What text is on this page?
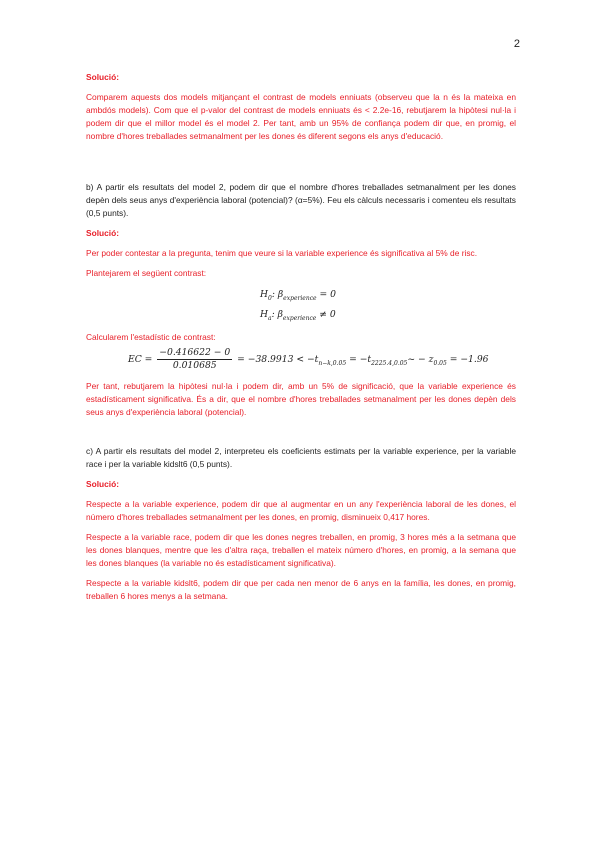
2

Solució:

Comparem aquests dos models mitjançant el contrast de models enniuats (observeu que la n és la mateixa en ambdós models). Com que el p-valor del contrast de models enniuats és < 2.2e-16, rebutjarem la hipòtesi nul·la i podem dir que el millor model és el model 2. Per tant, amb un 95% de confiança podem dir que, en promig, el nombre d'hores treballades setmanalment per les dones és diferent segons els anys d'educació.

b) A partir els resultats del model 2, podem dir que el nombre d'hores treballades setmanalment per les dones depèn dels seus anys d'experiència laboral (potencial)? (α=5%). Feu els càlculs necessaris i comenteu els resultats (0,5 punts).

Solució:

Per poder contestar a la pregunta, tenim que veure si la variable experience és significativa al 5% de risc.

Plantejarem el següent contrast:

$H_0$: $\beta_{experience} = 0$
$H_a$: $\beta_{experience} \ne 0$

Calcularem l'estadístic de contrast:

EC = $\frac{-0.416622 - 0}{0.010685} = -38.9913 < -t_{n-k,0.05}$ = $-t_{2225.4,0.05}\sim - z_{0.05} = -1.96$

Per tant, rebutjarem la hipòtesi nul·la i podem dir, amb un 5% de significació, que la variable experience és estadísticament significativa. És a dir, que el nombre d'hores treballades setmanalment per les dones depèn dels seus anys d'experiència laboral (potencial).

c) A partir els resultats del model 2, interpreteu els coeficients estimats per la variable experience, per la variable race i per la variable kidslt6 (0,5 punts).

Solució:

Respecte a la variable experience, podem dir que al augmentar en un any l'experiència laboral de les dones, el número d'hores treballades setmanalment per les dones, en promig, disminueix 0,417 hores.

Respecte a la variable race, podem dir que les dones negres treballen, en promig, 3 hores més a la setmana que les dones blanques, mentre que les d'altra raça, treballen el mateix número d'hores, en promig, a la semana que les dones blanques (la variable no és estadísticament significativa).

Respecte a la variable kidslt6, podem dir que per cada nen menor de 6 anys en la família, les dones, en promig, treballen 6 hores menys a la setmana.
